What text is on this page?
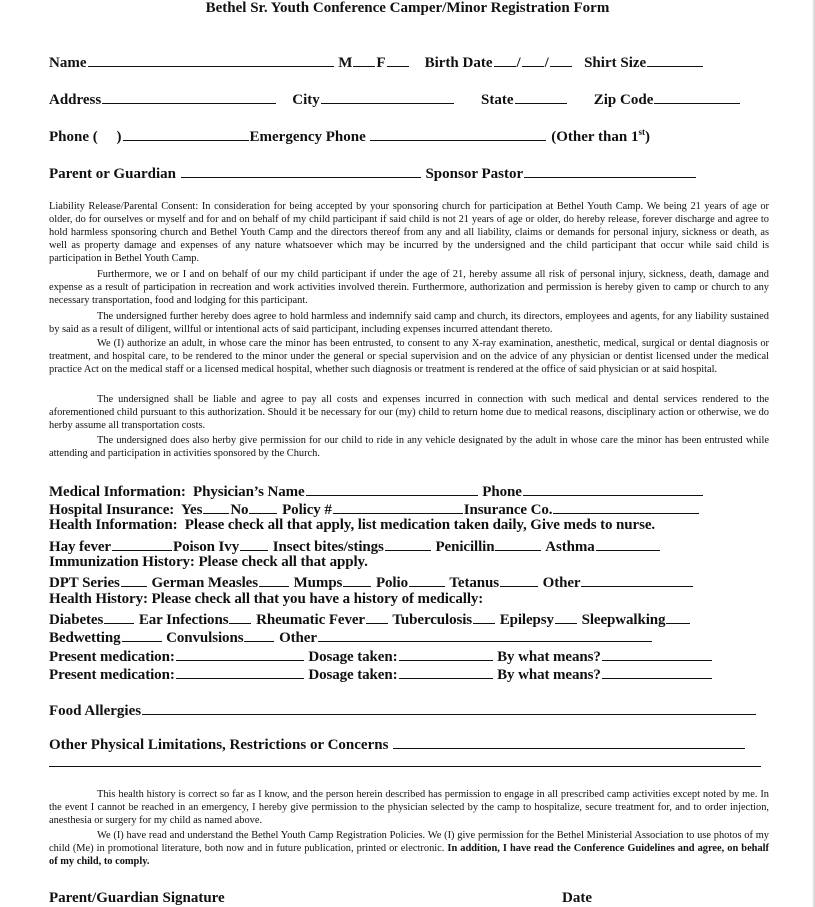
Bethel Sr. Youth Conference Camper/Minor Registration Form
Name	M F	Birth Date / / Shirt Size
Address	City	State	Zip Code
Phone ( )	Emergency Phone	(Other than 1st)
Parent or Guardian	Sponsor Pastor
Liability Release/Parental Consent: In consideration for being accepted by your sponsoring church for participation at Bethel Youth Camp. We being 21 years of age or older, do for ourselves or myself and for and on behalf of my child participant if said child is not 21 years of age or older, do hereby release, forever discharge and agree to hold harmless sponsoring church and Bethel Youth Camp and the directors thereof from any and all liability, claims or demands for personal injury, sickness or death, as well as property damage and expenses of any nature whatsoever which may be incurred by the undersigned and the child participant that occur while said child is participation in Bethel Youth Camp.
Furthermore, we or I and on behalf of our my child participant if under the age of 21, hereby assume all risk of personal injury, sickness, death, damage and expense as a result of participation in recreation and work activities involved therein. Furthermore, authorization and permission is hereby given to camp or church to any necessary transportation, food and lodging for this participant.
The undersigned further hereby does agree to hold harmless and indemnify said camp and church, its directors, employees and agents, for any liability sustained by said as a result of diligent, willful or intentional acts of said participant, including expenses incurred attendant thereto.
We (I) authorize an adult, in whose care the minor has been entrusted, to consent to any X-ray examination, anesthetic, medical, surgical or dental diagnosis or treatment, and hospital care, to be rendered to the minor under the general or special supervision and on the advice of any physician or dentist licensed under the medical practice Act on the medical staff or a licensed medical hospital, whether such diagnosis or treatment is rendered at the office of said physician or at said hospital.
The undersigned shall be liable and agree to pay all costs and expenses incurred in connection with such medical and dental services rendered to the aforementioned child pursuant to this authorization. Should it be necessary for our (my) child to return home due to medical reasons, disciplinary action or otherwise, we do herby assume all transportation costs.
The undersigned does also herby give permission for our child to ride in any vehicle designated by the adult in whose care the minor has been entrusted while attending and participation in activities sponsored by the Church.
Medical Information:  Physician’s Name	Phone
Hospital Insurance:  Yes No Policy #	Insurance Co.
Health Information:  Please check all that apply, list medication taken daily, Give meds to nurse.
Hay fever	Poison Ivy Insect bites/stings	Penicillin	Asthma
Immunization History: Please check all that apply.
DPT Series German Measles Mumps Polio	Tetanus	Other
Health History: Please check all that you have a history of medically:
Diabetes Ear Infections Rheumatic Fever Tuberculosis Epilepsy Sleepwalking
Bedwetting	Convulsions Other
Present medication:	Dosage taken:	By what means?
Present medication:	Dosage taken:	By what means?
Food Allergies
Other Physical Limitations, Restrictions or Concerns
This health history is correct so far as I know, and the person herein described has permission to engage in all prescribed camp activities except noted by me. In the event I cannot be reached in an emergency, I hereby give permission to the physician selected by the camp to hospitalize, secure treatment for, and to order injection, anesthesia or surgery for my child as named above.
We (I) have read and understand the Bethel Youth Camp Registration Policies. We (I) give permission for the Bethel Ministerial Association to use photos of my child (Me) in promotional literature, both now and in future publication, printed or electronic. In addition, I have read the Conference Guidelines and agree, on behalf of my child, to comply.
Parent/Guardian Signature	Date
